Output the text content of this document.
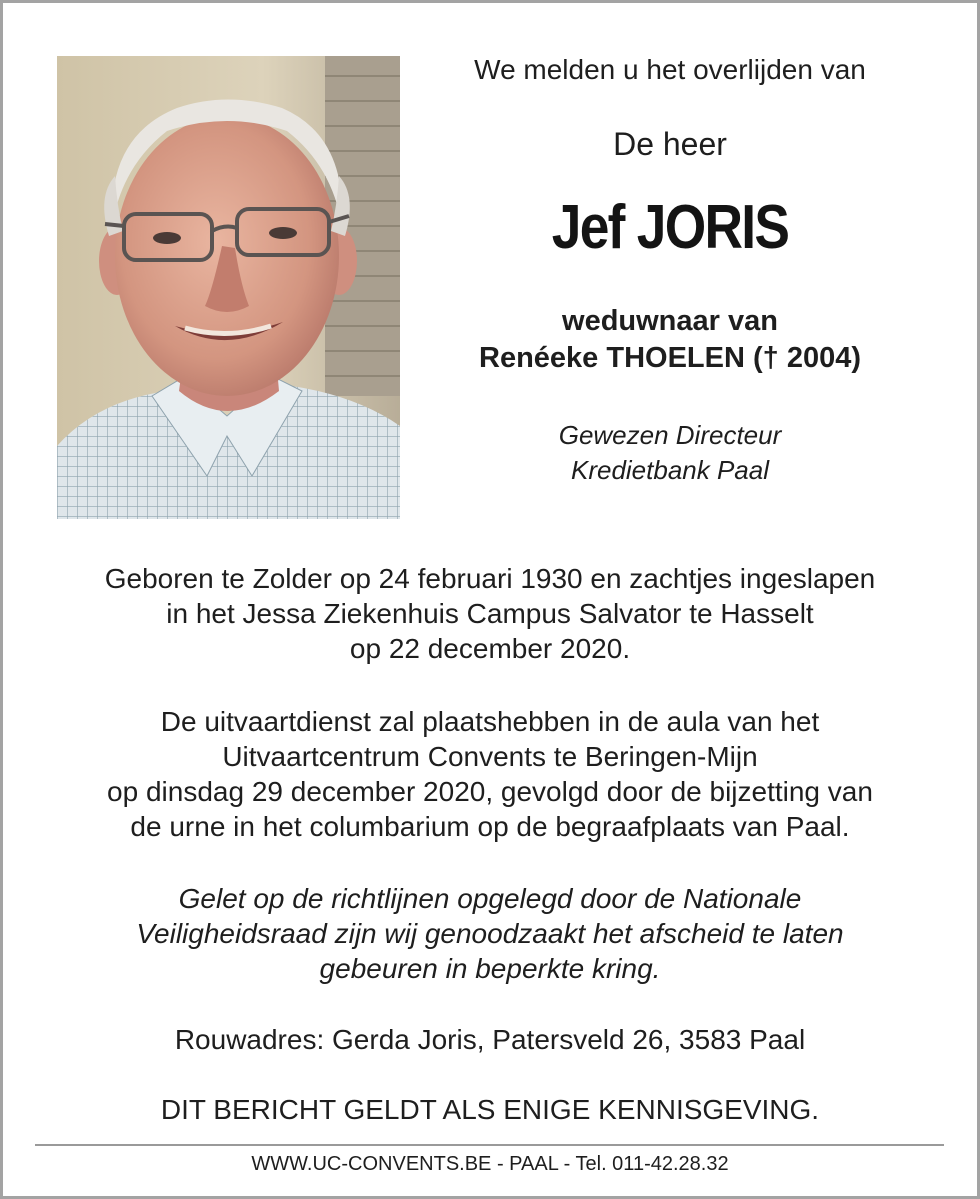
We melden u het overlijden van
De heer
Jef JORIS
weduwnaar van
Renéeke THOELEN († 2004)
Gewezen Directeur
Kredietbank Paal
Geboren te Zolder op 24 februari 1930 en zachtjes ingeslapen
in het Jessa Ziekenhuis Campus Salvator te Hasselt
op 22 december 2020.
De uitvaartdienst zal plaatshebben in de aula van het
Uitvaartcentrum Convents te Beringen-Mijn
op dinsdag 29 december 2020, gevolgd door de bijzetting van
de urne in het columbarium op de begraafplaats van Paal.
Gelet op de richtlijnen opgelegd door de Nationale
Veiligheidsraad zijn wij genoodzaakt het afscheid te laten
gebeuren in beperkte kring.
Rouwadres: Gerda Joris, Patersveld 26, 3583 Paal
DIT BERICHT GELDT ALS ENIGE KENNISGEVING.
WWW.UC-CONVENTS.BE - PAAL - Tel. 011-42.28.32
